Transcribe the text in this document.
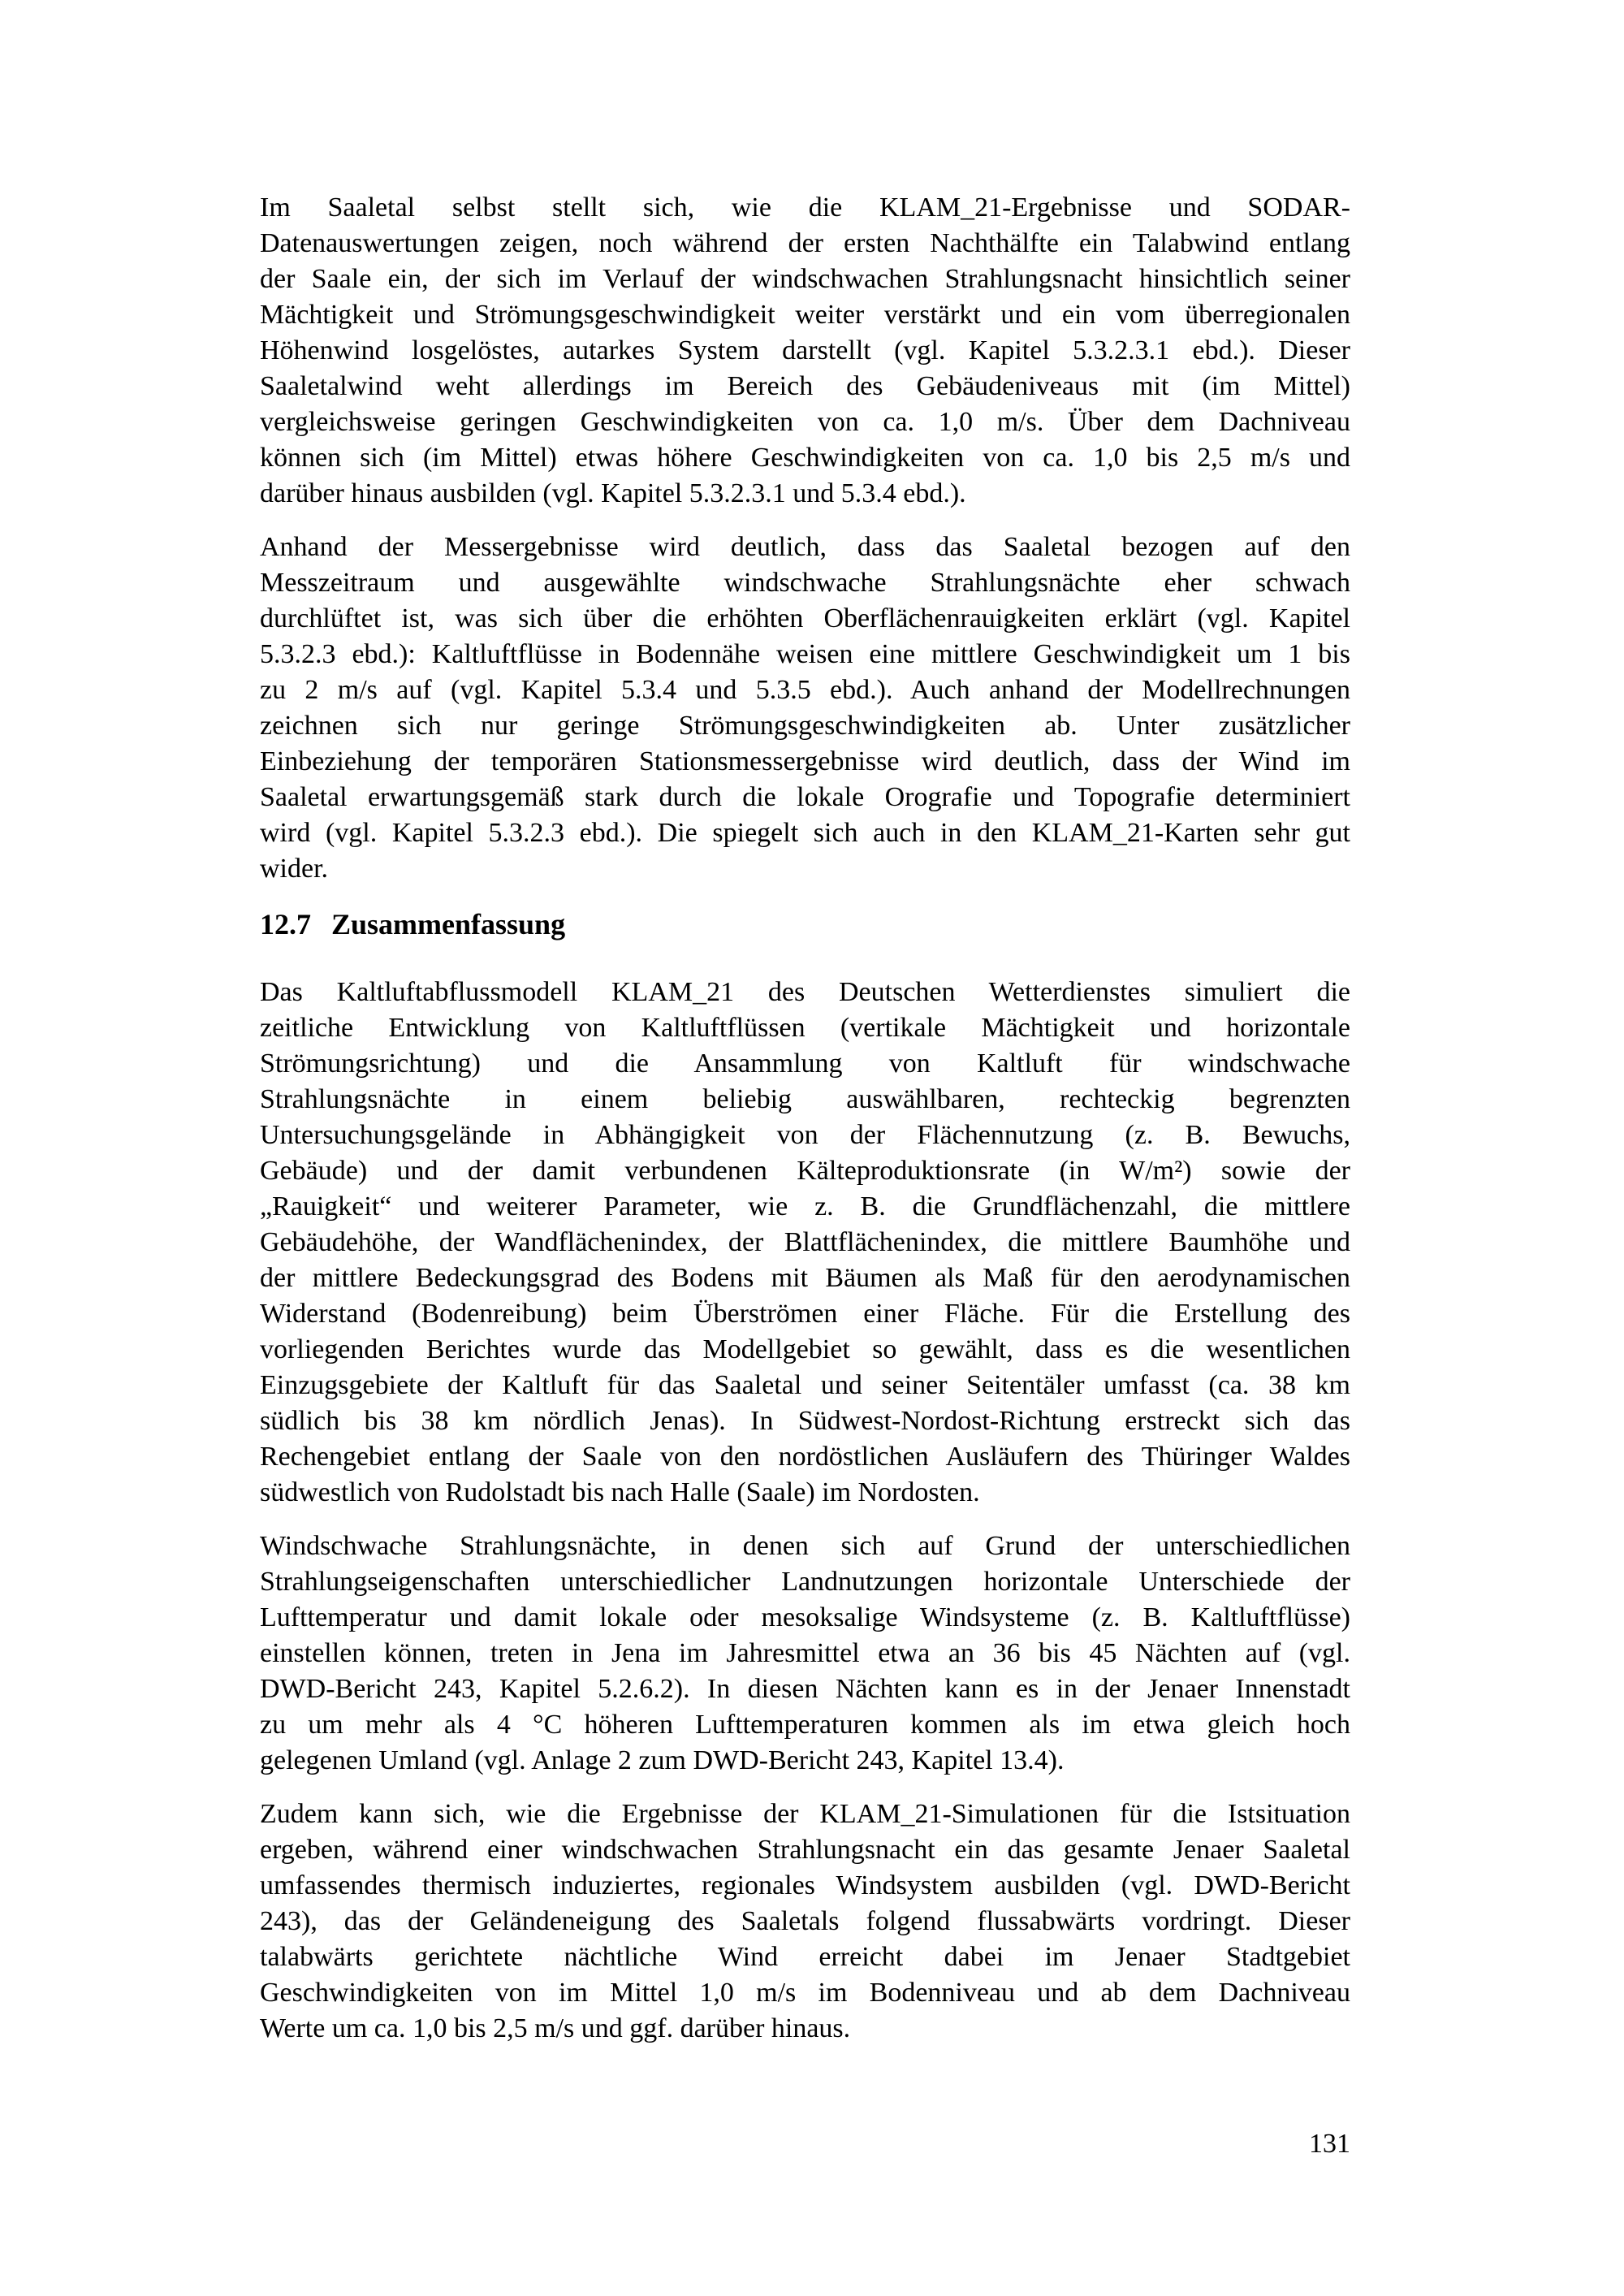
Im Saaletal selbst stellt sich, wie die KLAM_21-Ergebnisse und SODAR-
Datenauswertungen zeigen, noch während der ersten Nachthälfte ein Talabwind entlang
der Saale ein, der sich im Verlauf der windschwachen Strahlungsnacht hinsichtlich seiner
Mächtigkeit und Strömungsgeschwindigkeit weiter verstärkt und ein vom überregionalen
Höhenwind losgelöstes, autarkes System darstellt (vgl. Kapitel 5.3.2.3.1 ebd.). Dieser
Saaletalwind weht allerdings im Bereich des Gebäudeniveaus mit (im Mittel)
vergleichsweise geringen Geschwindigkeiten von ca. 1,0 m/s. Über dem Dachniveau
können sich (im Mittel) etwas höhere Geschwindigkeiten von ca. 1,0 bis 2,5 m/s und
darüber hinaus ausbilden (vgl. Kapitel 5.3.2.3.1 und 5.3.4 ebd.).
Anhand der Messergebnisse wird deutlich, dass das Saaletal bezogen auf den
Messzeitraum und ausgewählte windschwache Strahlungsnächte eher schwach
durchlüftet ist, was sich über die erhöhten Oberflächenrauigkeiten erklärt (vgl. Kapitel
5.3.2.3 ebd.): Kaltluftflüsse in Bodennähe weisen eine mittlere Geschwindigkeit um 1 bis
zu 2 m/s auf (vgl. Kapitel 5.3.4 und 5.3.5 ebd.). Auch anhand der Modellrechnungen
zeichnen sich nur geringe Strömungsgeschwindigkeiten ab. Unter zusätzlicher
Einbeziehung der temporären Stationsmessergebnisse wird deutlich, dass der Wind im
Saaletal erwartungsgemäß stark durch die lokale Orografie und Topografie determiniert
wird (vgl. Kapitel 5.3.2.3 ebd.). Die spiegelt sich auch in den KLAM_21-Karten sehr gut
wider.
12.7 Zusammenfassung
Das Kaltluftabflussmodell KLAM_21 des Deutschen Wetterdienstes simuliert die
zeitliche Entwicklung von Kaltluftflüssen (vertikale Mächtigkeit und horizontale
Strömungsrichtung) und die Ansammlung von Kaltluft für windschwache
Strahlungsnächte in einem beliebig auswählbaren, rechteckig begrenzten
Untersuchungsgelände in Abhängigkeit von der Flächennutzung (z. B. Bewuchs,
Gebäude) und der damit verbundenen Kälteproduktionsrate (in W/m²) sowie der
„Rauigkeit“ und weiterer Parameter, wie z. B. die Grundflächenzahl, die mittlere
Gebäudehöhe, der Wandflächenindex, der Blattflächenindex, die mittlere Baumhöhe und
der mittlere Bedeckungsgrad des Bodens mit Bäumen als Maß für den aerodynamischen
Widerstand (Bodenreibung) beim Überströmen einer Fläche. Für die Erstellung des
vorliegenden Berichtes wurde das Modellgebiet so gewählt, dass es die wesentlichen
Einzugsgebiete der Kaltluft für das Saaletal und seiner Seitentäler umfasst (ca. 38 km
südlich bis 38 km nördlich Jenas). In Südwest-Nordost-Richtung erstreckt sich das
Rechengebiet entlang der Saale von den nordöstlichen Ausläufern des Thüringer Waldes
südwestlich von Rudolstadt bis nach Halle (Saale) im Nordosten.
Windschwache Strahlungsnächte, in denen sich auf Grund der unterschiedlichen
Strahlungseigenschaften unterschiedlicher Landnutzungen horizontale Unterschiede der
Lufttemperatur und damit lokale oder mesoksalige Windsysteme (z. B. Kaltluftflüsse)
einstellen können, treten in Jena im Jahresmittel etwa an 36 bis 45 Nächten auf (vgl.
DWD-Bericht 243, Kapitel 5.2.6.2). In diesen Nächten kann es in der Jenaer Innenstadt
zu um mehr als 4 °C höheren Lufttemperaturen kommen als im etwa gleich hoch
gelegenen Umland (vgl. Anlage 2 zum DWD-Bericht 243, Kapitel 13.4).
Zudem kann sich, wie die Ergebnisse der KLAM_21-Simulationen für die Istsituation
ergeben, während einer windschwachen Strahlungsnacht ein das gesamte Jenaer Saaletal
umfassendes thermisch induziertes, regionales Windsystem ausbilden (vgl. DWD-Bericht
243), das der Geländeneigung des Saaletals folgend flussabwärts vordringt. Dieser
talabwärts gerichtete nächtliche Wind erreicht dabei im Jenaer Stadtgebiet
Geschwindigkeiten von im Mittel 1,0 m/s im Bodenniveau und ab dem Dachniveau
Werte um ca. 1,0 bis 2,5 m/s und ggf. darüber hinaus.
131
